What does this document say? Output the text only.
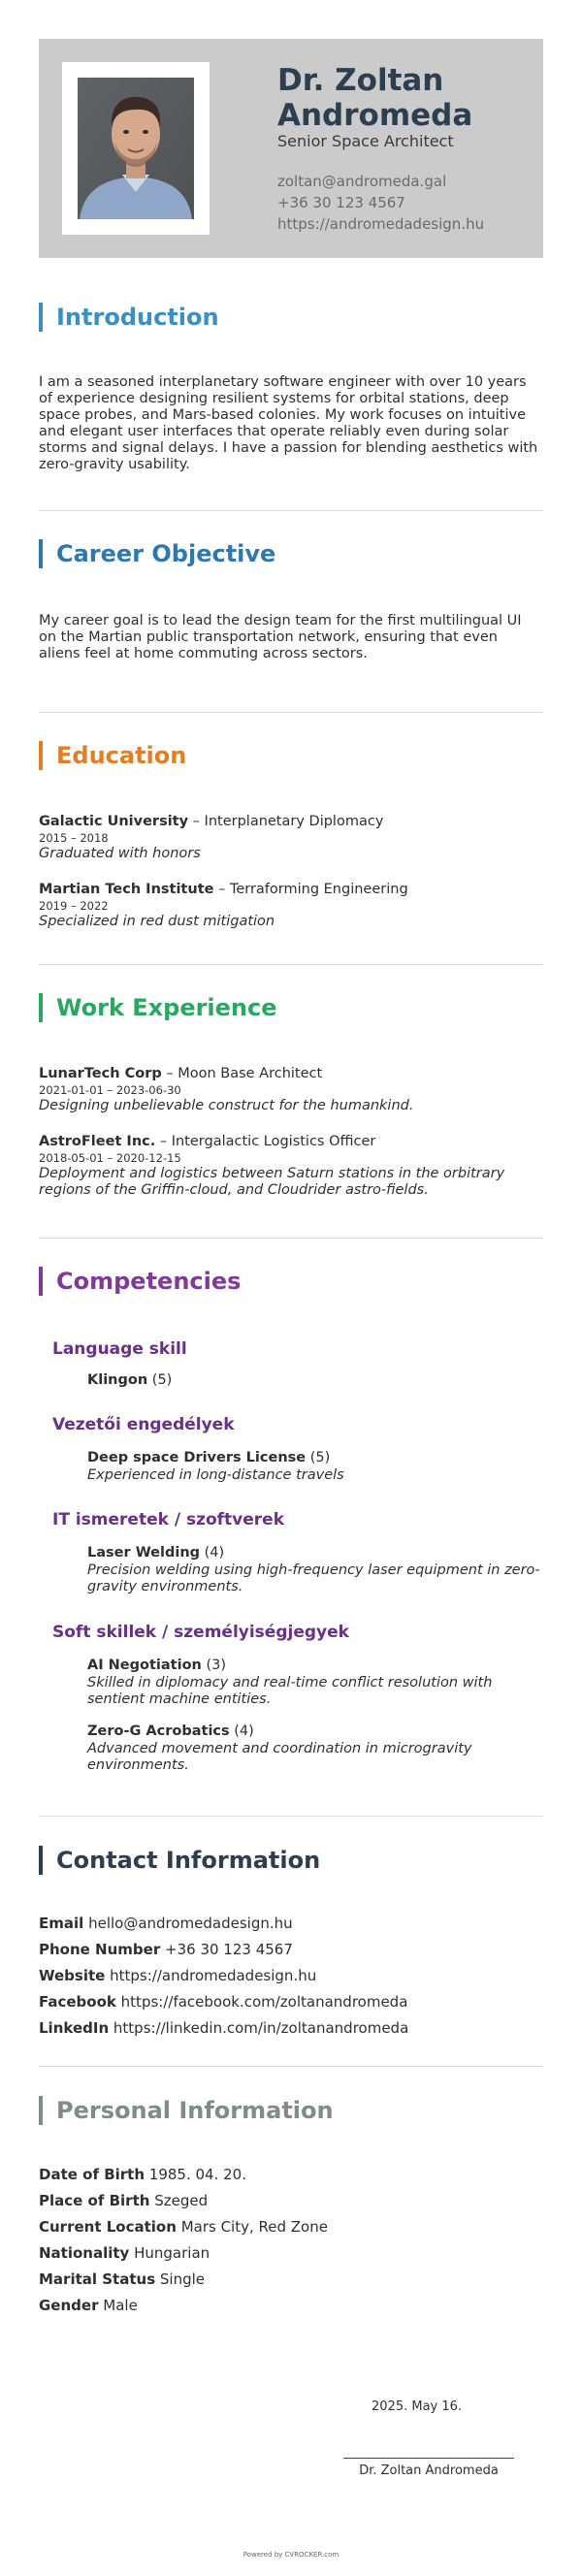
Dr. Zoltan Andromeda
Senior Space Architect
zoltan@andromeda.gal
+36 30 123 4567
https://andromedadesign.hu
Introduction
I am a seasoned interplanetary software engineer with over 10 years of experience designing resilient systems for orbital stations, deep space probes, and Mars-based colonies. My work focuses on intuitive and elegant user interfaces that operate reliably even during solar storms and signal delays. I have a passion for blending aesthetics with zero-gravity usability.
Career Objective
My career goal is to lead the design team for the first multilingual UI on the Martian public transportation network, ensuring that even aliens feel at home commuting across sectors.
Education
Galactic University – Interplanetary Diplomacy
2015 – 2018
Graduated with honors
Martian Tech Institute – Terraforming Engineering
2019 – 2022
Specialized in red dust mitigation
Work Experience
LunarTech Corp – Moon Base Architect
2021-01-01 – 2023-06-30
Designing unbelievable construct for the humankind.
AstroFleet Inc. – Intergalactic Logistics Officer
2018-05-01 – 2020-12-15
Deployment and logistics between Saturn stations in the orbitrary regions of the Griffin-cloud, and Cloudrider astro-fields.
Competencies
Language skill
Klingon (5)
Vezetői engedélyek
Deep space Drivers License (5)
Experienced in long-distance travels
IT ismeretek / szoftverek
Laser Welding (4)
Precision welding using high-frequency laser equipment in zero-gravity environments.
Soft skillek / személyiségjegyek
AI Negotiation (3)
Skilled in diplomacy and real-time conflict resolution with sentient machine entities.
Zero-G Acrobatics (4)
Advanced movement and coordination in microgravity environments.
Contact Information
Email hello@andromedadesign.hu
Phone Number +36 30 123 4567
Website https://andromedadesign.hu
Facebook https://facebook.com/zoltanandromeda
LinkedIn https://linkedin.com/in/zoltanandromeda
Personal Information
Date of Birth 1985. 04. 20.
Place of Birth Szeged
Current Location Mars City, Red Zone
Nationality Hungarian
Marital Status Single
Gender Male
2025. May 16.
Dr. Zoltan Andromeda
Powered by CVROCKER.com
